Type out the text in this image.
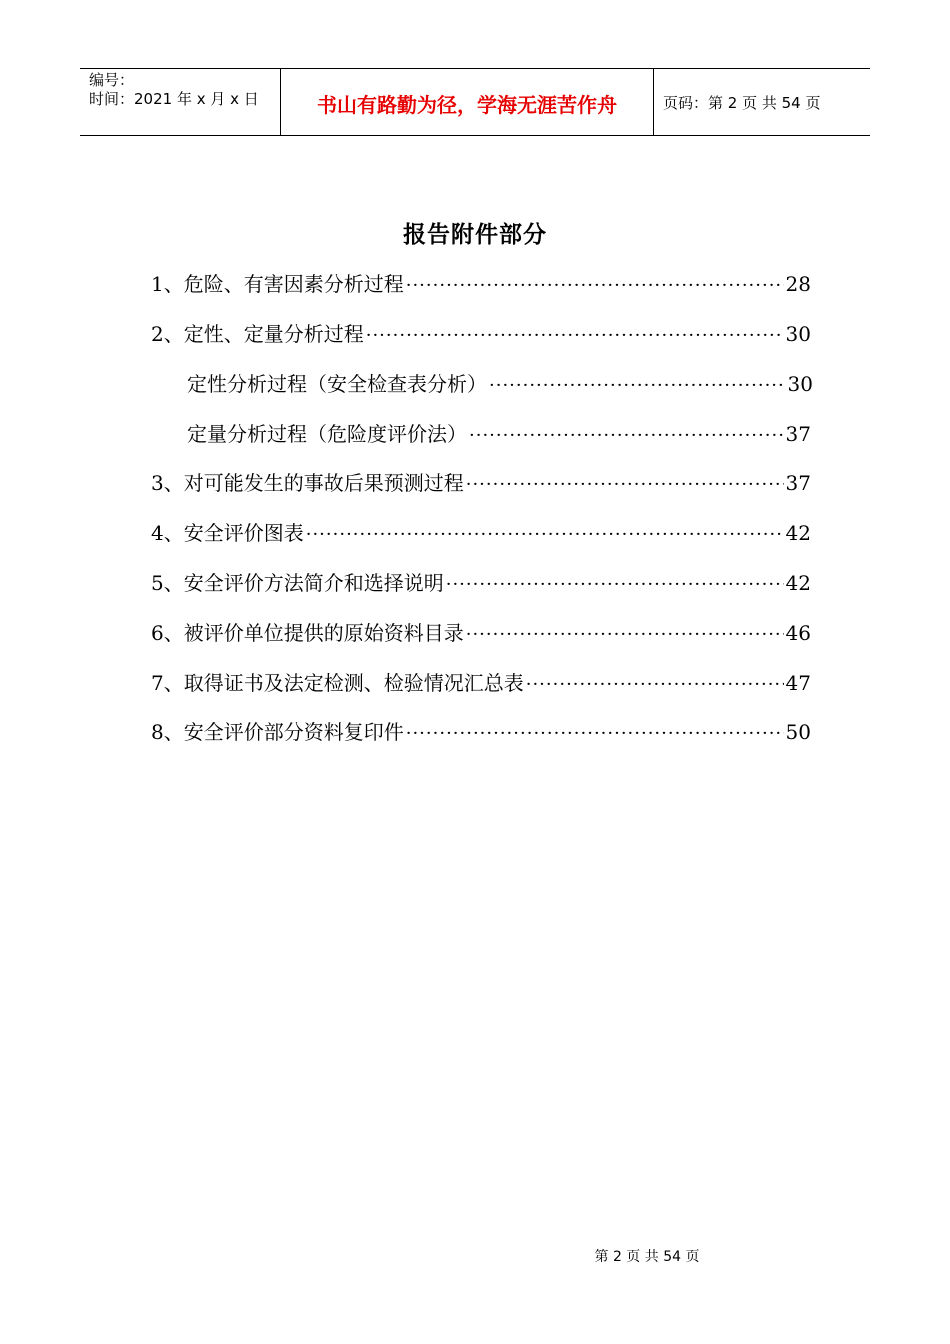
编号：
时间：2021 年 x 月 x 日	书山有路勤为径，学海无涯苦作舟	页码：第 2 页 共 54 页
报告附件部分
1、危险、有害因素分析过程 ·····	28
2、定性、定量分析过程 ·····	30
定性分析过程（安全检查表分析） ·····	30
定量分析过程（危险度评价法） ·····	37
3、对可能发生的事故后果预测过程 ·····	37
4、安全评价图表 ·····	42
5、安全评价方法简介和选择说明 ·····	42
6、被评价单位提供的原始资料目录 ·····	46
7、取得证书及法定检测、检验情况汇总表 ·····	47
8、安全评价部分资料复印件 ·····	50
第 2 页 共 54 页
